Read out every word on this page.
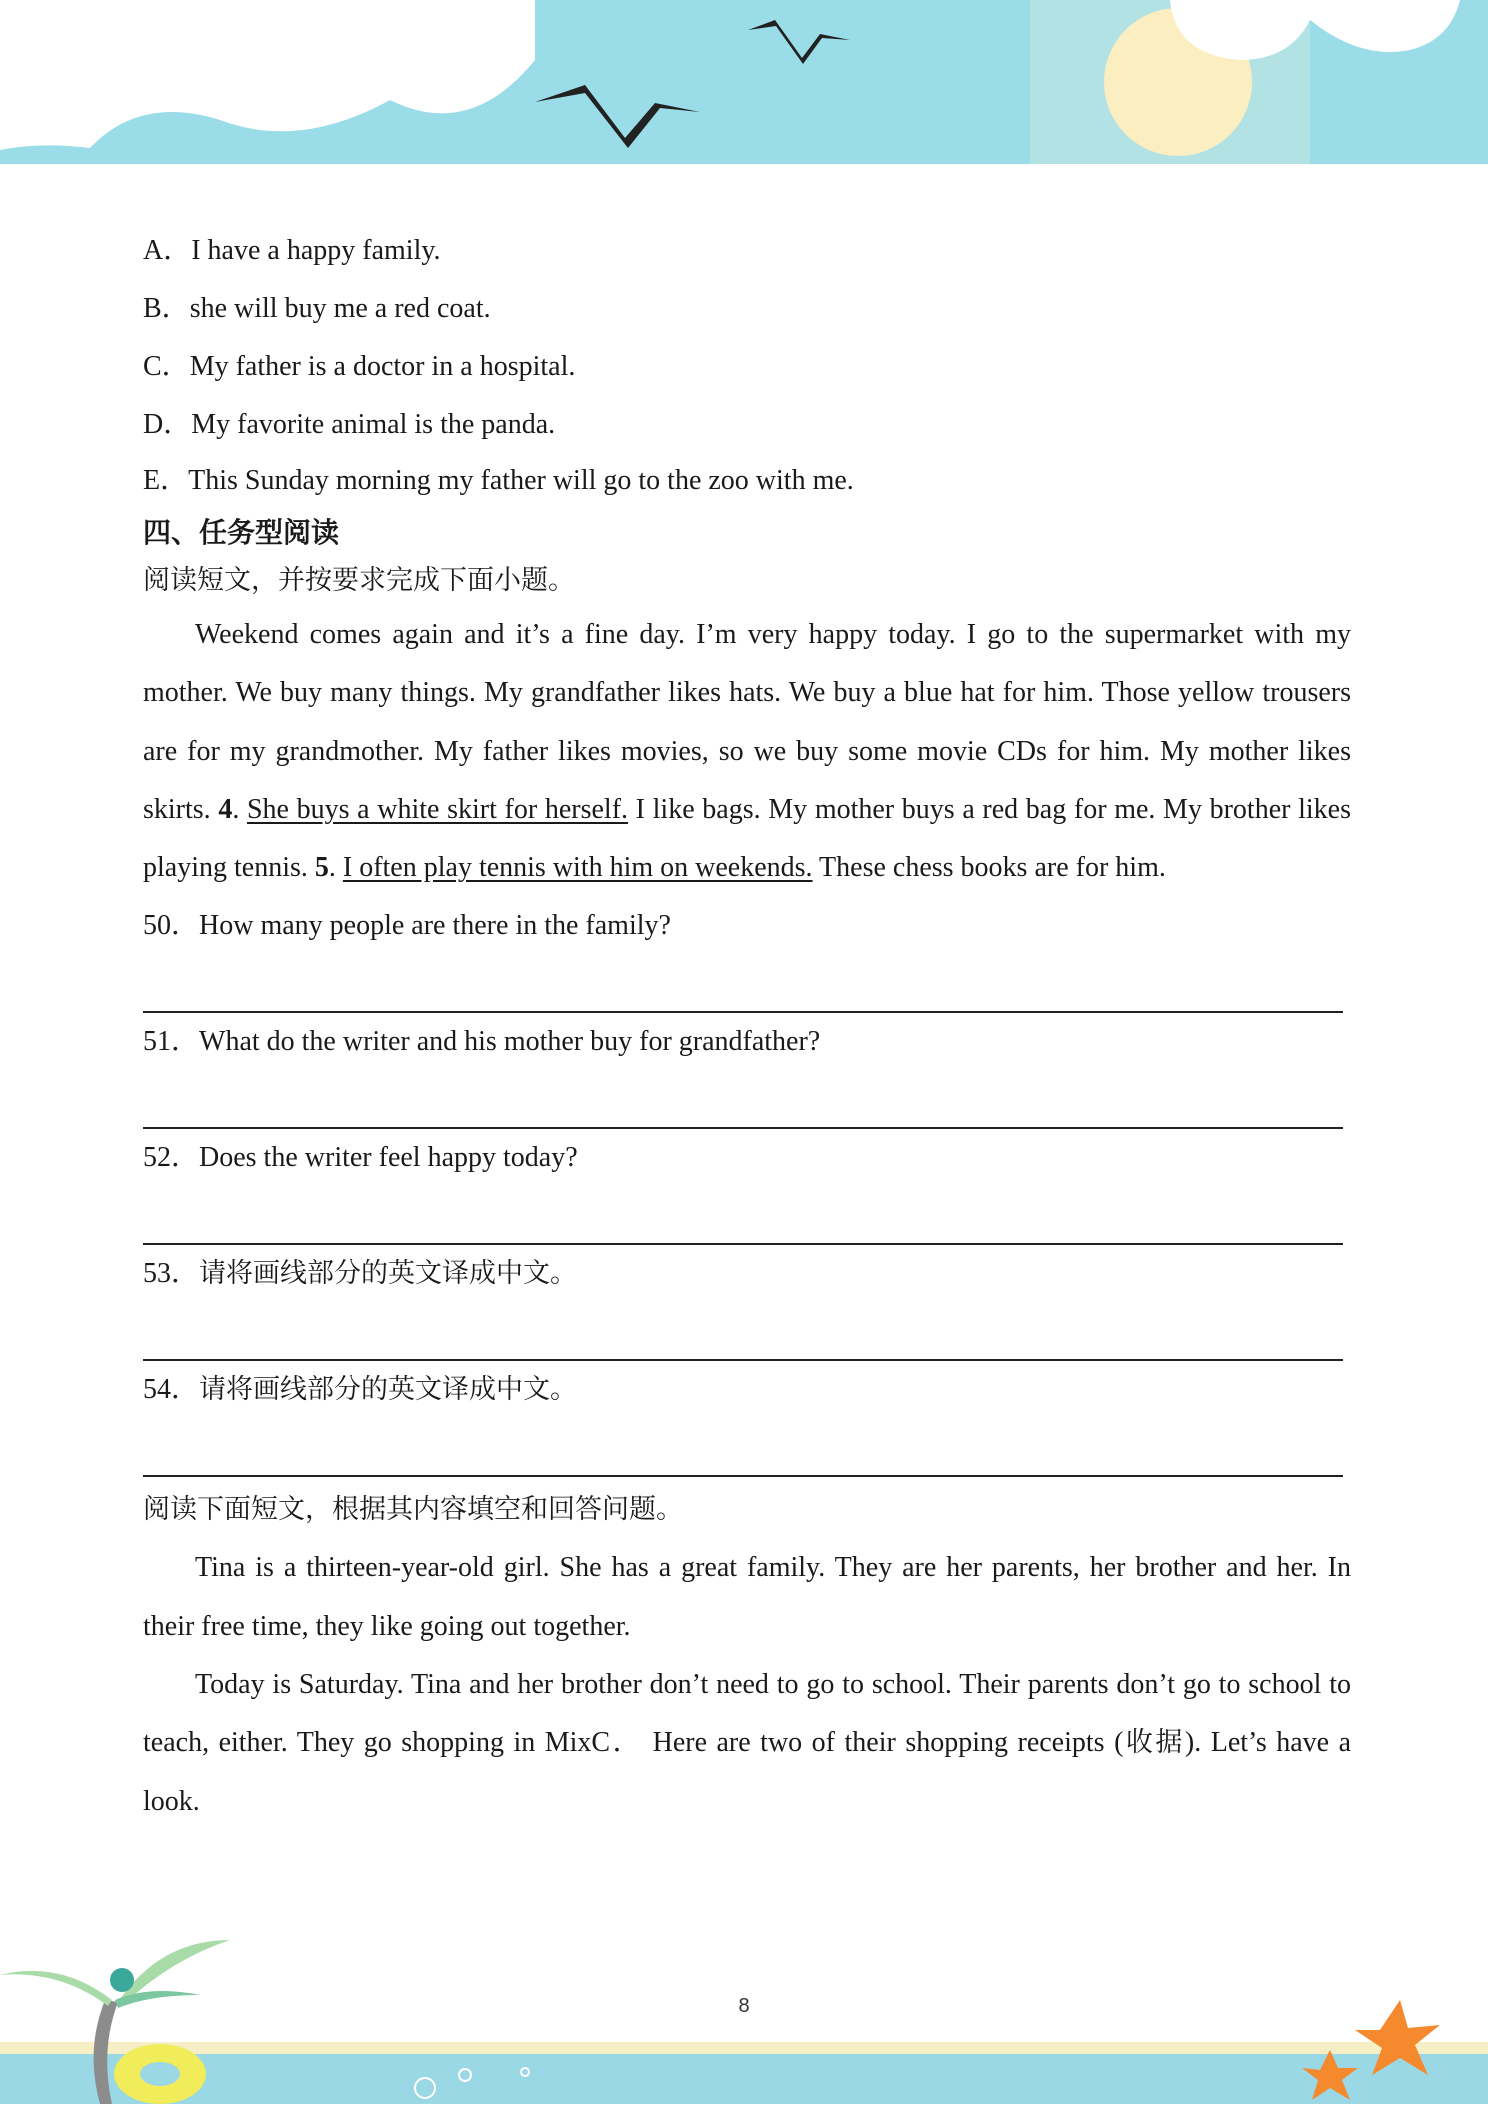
A．I have a happy family.

B．she will buy me a red coat.

C．My father is a doctor in a hospital.

D．My favorite animal is the panda.

E．This Sunday morning my father will go to the zoo with me.

四、任务型阅读

阅读短文，并按要求完成下面小题。

Weekend comes again and it’s a fine day. I’m very happy today. I go to the supermarket with my mother. We buy many things. My grandfather likes hats. We buy a blue hat for him. Those yellow trousers are for my grandmother. My father likes movies, so we buy some movie CDs for him. My mother likes skirts. 4. She buys a white skirt for herself. I like bags. My mother buys a red bag for me. My brother likes playing tennis. 5. I often play tennis with him on weekends. These chess books are for him.

50．How many people are there in the family?

51．What do the writer and his mother buy for grandfather?

52．Does the writer feel happy today?

53．请将画线部分的英文译成中文。

54．请将画线部分的英文译成中文。

阅读下面短文，根据其内容填空和回答问题。

Tina is a thirteen-year-old girl. She has a great family. They are her parents, her brother and her. In their free time, they like going out together.

Today is Saturday. Tina and her brother don’t need to go to school. Their parents don’t go to school to teach, either. They go shopping in MixC． Here are two of their shopping receipts (收据). Let’s have a look.

8
